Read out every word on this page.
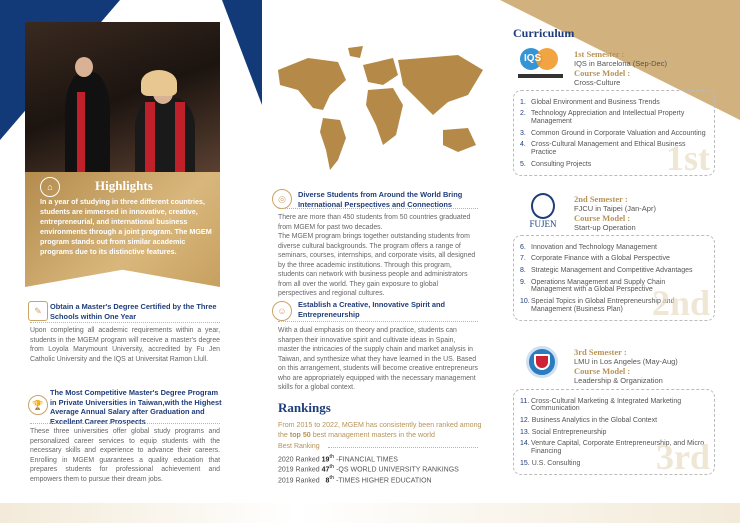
⌂	Highlights
In a year of studying in three different countries, students are immersed in innovative, creative, entrepreneurial, and international business environments through a joint program. The MGEM program stands out from similar academic programs due to its distinctive features.
✎	Obtain a Master's Degree Certified by the Three Schools within One Year
Upon completing all academic requirements within a year, students in the MGEM program will receive a master's degree from Loyola Marymount University, accredited by Fu Jen Catholic University and the IQS at Universitat Ramon Llull.
🏆
The Most Competitive Master's Degree Program in Private Universities in Taiwan,with the Highest Average Annual Salary after Graduation and Excellent Career Prospects
These three universities offer global study programs and personalized career services to equip students with the necessary skills and experience to advance their careers. Enrolling in MGEM guarantees a quality education that prepares students for professional achievement and empowers them to pursue their dream jobs.
◎	Diverse Students from Around the World Bring International Perspectives and Connections
There are more than 450 students from 50 countries graduated from MGEM for past two decades.
The MGEM program brings together outstanding students from diverse cultural backgrounds. The program offers a range of seminars, courses, internships, and corporate visits, all designed by the three academic institutions. Through this program, students can network with business people and administrators from all over the world. They gain exposure to global perspectives and regional cultures.
☺
Establish a Creative, Innovative Spirit and Entrepreneurship
With a dual emphasis on theory and practice, students can sharpen their innovative spirit and cultivate ideas in Spain, master the intricacies of the supply chain and market analysis in Taiwan, and synthesize what they have learned in the US. Based on this arrangement, students will become creative entrepreneurs who are appropriately equipped with the necessary management skills for a global context.
Rankings
From 2015 to 2022, MGEM has consistently been ranked among the top 50 best management masters in the world
Best Ranking
2020 Ranked 19th -FINANCIAL TIMES
2019 Ranked 47th -QS WORLD UNIVERSITY RANKINGS
2019 Ranked   8th -TIMES HIGHER EDUCATION
Curriculum
IQS	1st Semester :
IQS in Barcelona (Sep-Dec)
Course Model :
Cross-Culture
1st
1. Global Environment and Business Trends
2. Technology Appreciation and Intellectual Property Management
3. Common Ground in Corporate Valuation and Accounting
4. Cross-Cultural Management and Ethical Business Practice
5. Consulting Projects
FUJEN
2nd Semester :
FJCU in Taipei (Jan-Apr)
Course Model :
Start-up Operation
2nd
6. Innovation and Technology Management
7. Corporate Finance with a Global Perspective
8. Strategic Management and Competitive Advantages
9. Operations Management and Supply Chain Management with a Global Perspective
10. Special Topics in Global Entrepreneurship and Management (Business Plan)
3rd Semester :
LMU in Los Angeles (May-Aug)
Course Model :
Leadership & Organization
3rd
11. Cross-Cultural Marketing & Integrated Marketing Communication
12. Business Analytics in the Global Context
13. Social Entrepreneurship
14. Venture Capital, Corporate Entrepreneurship, and Micro Financing
15. U.S. Consulting
